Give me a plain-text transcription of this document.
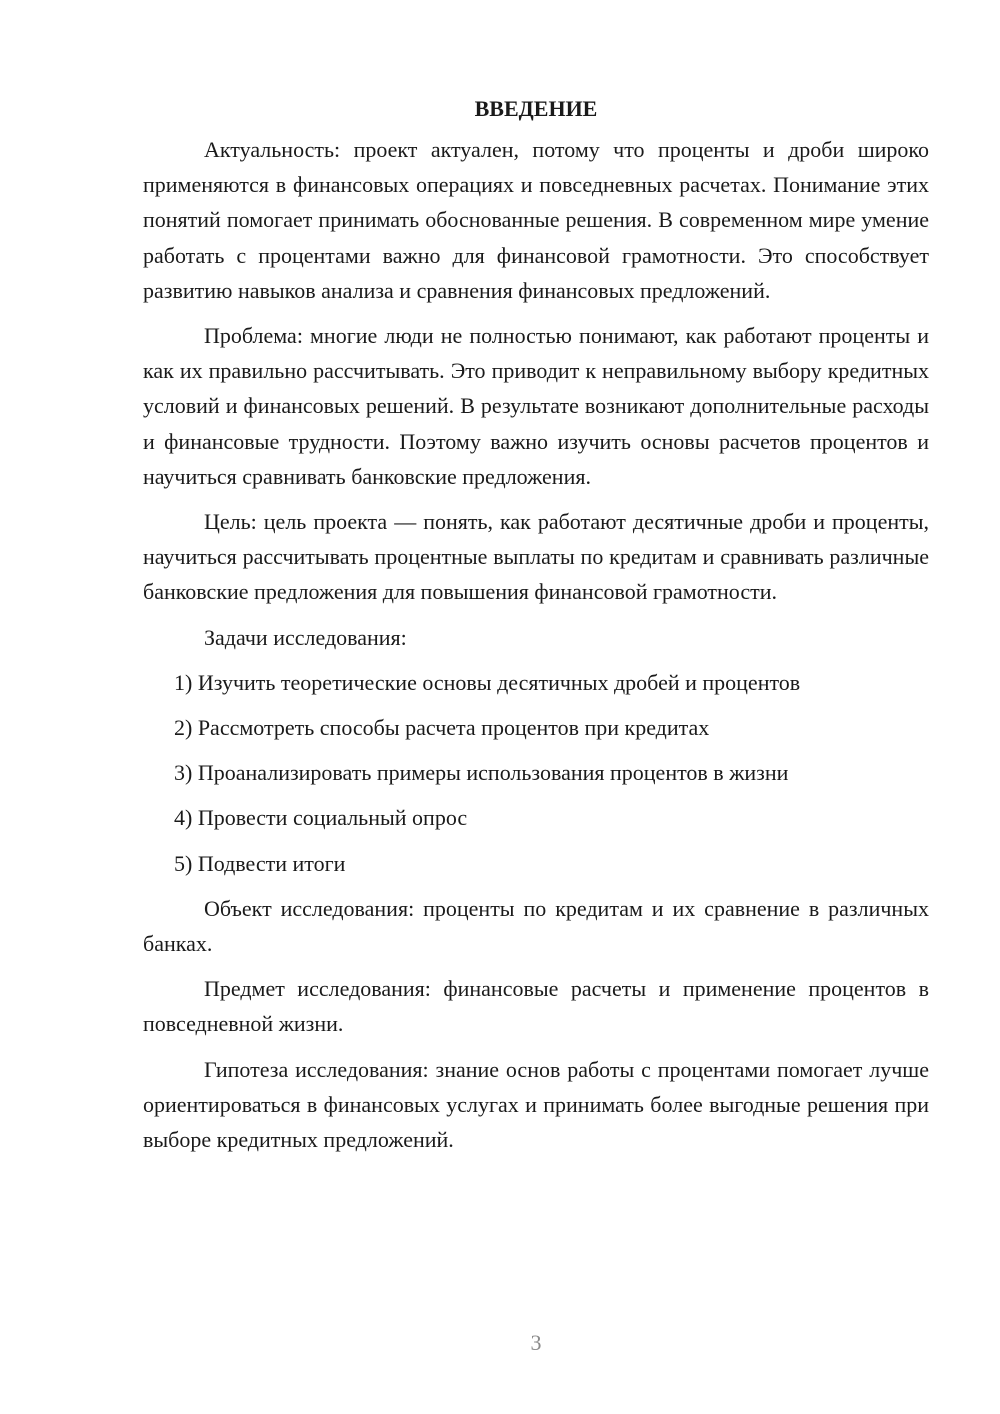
ВВЕДЕНИЕ

Актуальность: проект актуален, потому что проценты и дроби широко применяются в финансовых операциях и повседневных расчетах. Понимание этих понятий помогает принимать обоснованные решения. В современном мире умение работать с процентами важно для финансовой грамотности. Это способствует развитию навыков анализа и сравнения финансовых предложений.

Проблема: многие люди не полностью понимают, как работают проценты и как их правильно рассчитывать. Это приводит к неправильному выбору кредитных условий и финансовых решений. В результате возникают дополнительные расходы и финансовые трудности. Поэтому важно изучить основы расчетов процентов и научиться сравнивать банковские предложения.

Цель: цель проекта — понять, как работают десятичные дроби и проценты, научиться рассчитывать процентные выплаты по кредитам и сравнивать различные банковские предложения для повышения финансовой грамотности.

Задачи исследования:

1) Изучить теоретические основы десятичных дробей и процентов
2) Рассмотреть способы расчета процентов при кредитах
3) Проанализировать примеры использования процентов в жизни
4) Провести социальный опрос
5) Подвести итоги

Объект исследования: проценты по кредитам и их сравнение в различных банках.

Предмет исследования: финансовые расчеты и применение процентов в повседневной жизни.

Гипотеза исследования: знание основ работы с процентами помогает лучше ориентироваться в финансовых услугах и принимать более выгодные решения при выборе кредитных предложений.

3
